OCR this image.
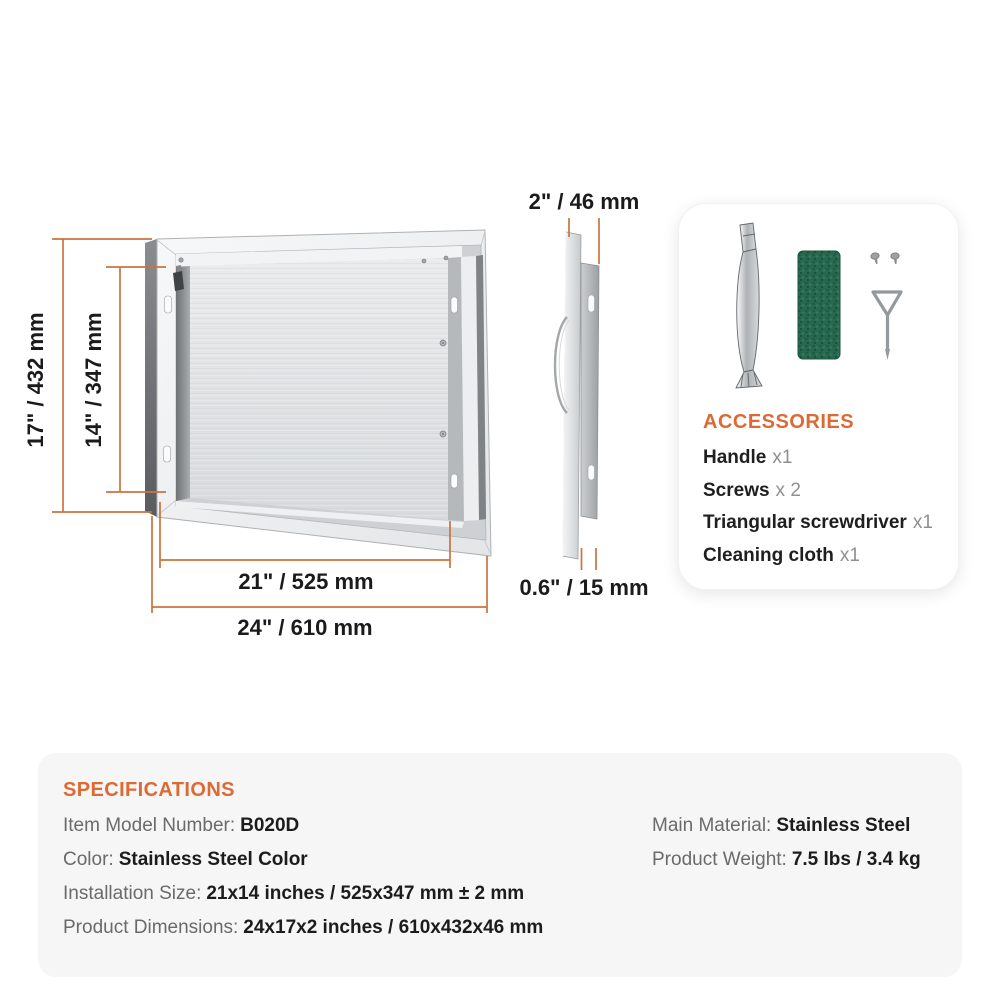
17" / 432 mm 14" / 347 mm
21" / 525 mm
24" / 610 mm
2" / 46 mm
0.6" / 15 mm
ACCESSORIES
Handle x1
Screws x 2
Triangular screwdriver x1
Cleaning cloth x1
SPECIFICATIONS
Item Model Number: B020D
Color: Stainless Steel Color
Installation Size: 21x14 inches / 525x347 mm ± 2 mm
Product Dimensions: 24x17x2 inches / 610x432x46 mm
Main Material: Stainless Steel
Product Weight: 7.5 lbs / 3.4 kg
